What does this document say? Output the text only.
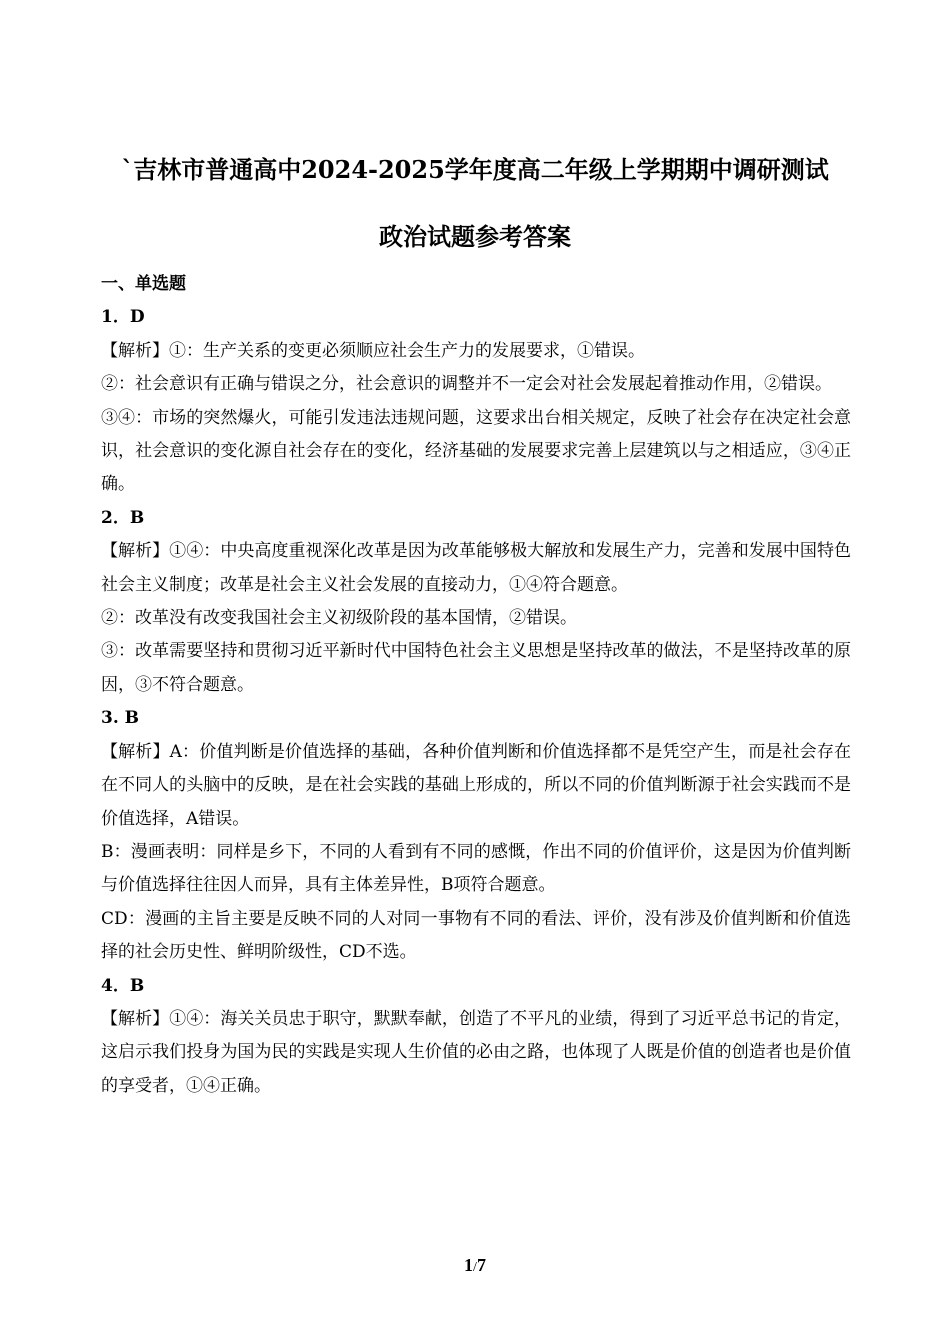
`吉林市普通高中2024-2025学年度高二年级上学期期中调研测试
政治试题参考答案

一、单选题

1．D

【解析】①：生产关系的变更必须顺应社会生产力的发展要求，①错误。

②：社会意识有正确与错误之分，社会意识的调整并不一定会对社会发展起着推动作用，②错误。

③④：市场的突然爆火，可能引发违法违规问题，这要求出台相关规定，反映了社会存在决定社会意识，社会意识的变化源自社会存在的变化，经济基础的发展要求完善上层建筑以与之相适应，③④正确。

2．B

【解析】①④：中央高度重视深化改革是因为改革能够极大解放和发展生产力，完善和发展中国特色社会主义制度；改革是社会主义社会发展的直接动力，①④符合题意。

②：改革没有改变我国社会主义初级阶段的基本国情，②错误。

③：改革需要坚持和贯彻习近平新时代中国特色社会主义思想是坚持改革的做法，不是坚持改革的原因，③不符合题意。

3. B

【解析】A：价值判断是价值选择的基础，各种价值判断和价值选择都不是凭空产生，而是社会存在在不同人的头脑中的反映，是在社会实践的基础上形成的，所以不同的价值判断源于社会实践而不是价值选择，A错误。

B：漫画表明：同样是乡下，不同的人看到有不同的感慨，作出不同的价值评价，这是因为价值判断与价值选择往往因人而异，具有主体差异性，B项符合题意。

CD：漫画的主旨主要是反映不同的人对同一事物有不同的看法、评价，没有涉及价值判断和价值选择的社会历史性、鲜明阶级性，CD不选。

4．B

【解析】①④：海关关员忠于职守，默默奉献，创造了不平凡的业绩，得到了习近平总书记的肯定，这启示我们投身为国为民的实践是实现人生价值的必由之路，也体现了人既是价值的创造者也是价值的享受者，①④正确。

1/7
